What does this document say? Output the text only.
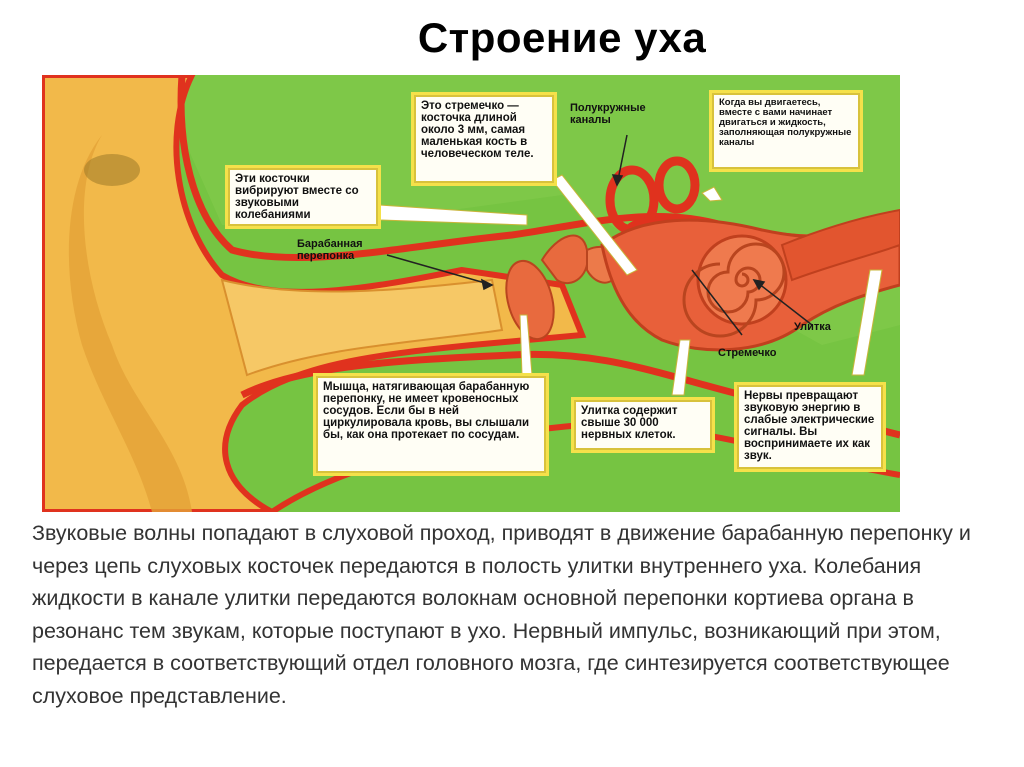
Строение уха
Это стремечко — косточка длиной около 3 мм, самая маленькая кость в человеческом теле.
Эти косточки вибрируют вместе со звуковыми колебаниями
Когда вы двигаетесь, вместе с вами начинает двигаться и жидкость, заполняющая полукружные каналы
Мышца, натягивающая барабанную перепонку, не имеет кровеносных сосудов. Если бы в ней циркулировала кровь, вы слышали бы, как она протекает по сосудам.
Улитка содержит свыше 30 000 нервных клеток.
Нервы превращают звуковую энергию в слабые электрические сигналы. Вы воспринимаете их как звук.
Полукружные каналы
Барабанная перепонка
Улитка
Стремечко

Звуковые волны попадают в слуховой проход, приводят в движение барабанную перепонку и через цепь слуховых косточек передаются в полость улитки внутреннего уха. Колебания жидкости в канале улитки передаются волокнам основной перепонки кортиева органа в резонанс тем звукам, которые поступают в ухо. Нервный импульс, возникающий при этом, передается в соответствующий отдел головного мозга, где синтезируется соответствующее слуховое представление.
